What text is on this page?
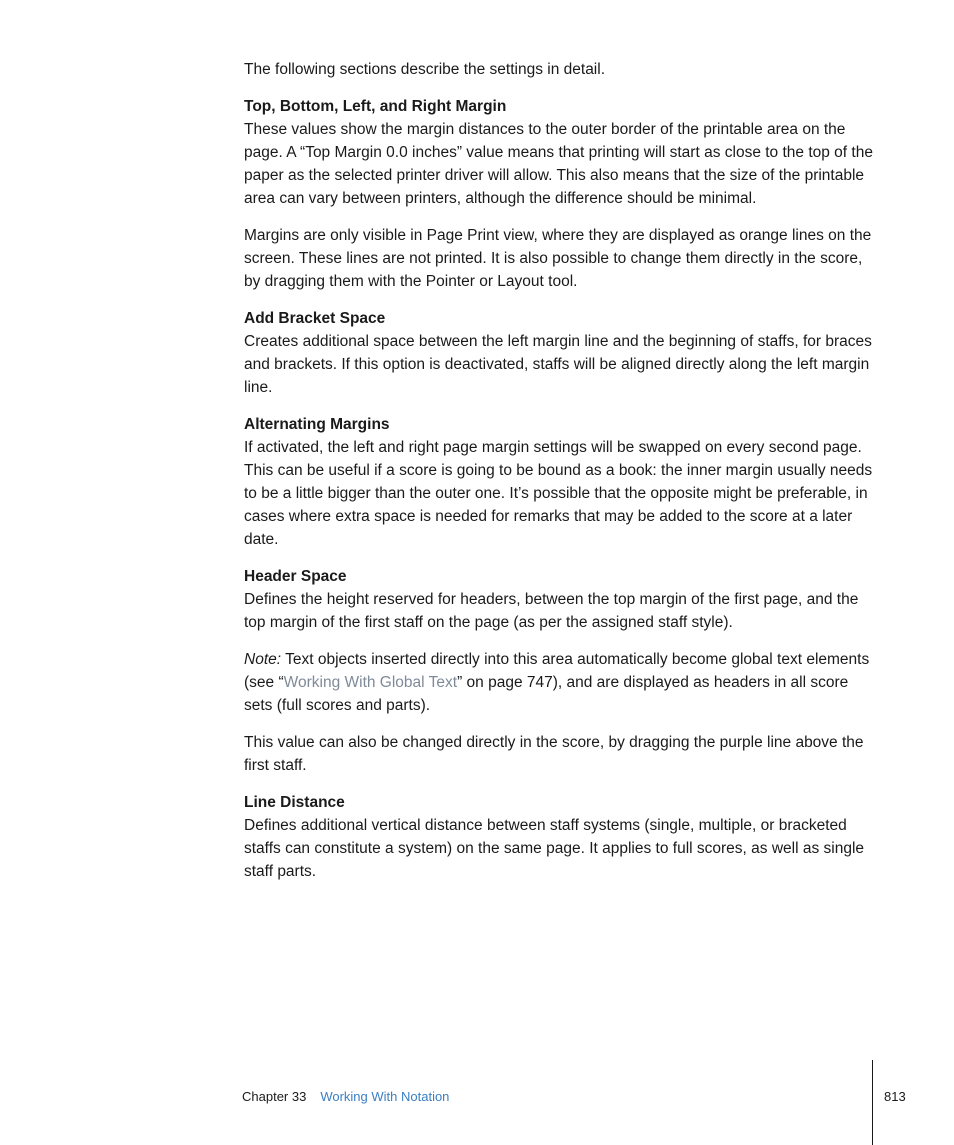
The following sections describe the settings in detail.

Top, Bottom, Left, and Right Margin

These values show the margin distances to the outer border of the printable area on the page. A “Top Margin 0.0 inches” value means that printing will start as close to the top of the paper as the selected printer driver will allow. This also means that the size of the printable area can vary between printers, although the difference should be minimal.

Margins are only visible in Page Print view, where they are displayed as orange lines on the screen. These lines are not printed. It is also possible to change them directly in the score, by dragging them with the Pointer or Layout tool.

Add Bracket Space

Creates additional space between the left margin line and the beginning of staffs, for braces and brackets. If this option is deactivated, staffs will be aligned directly along the left margin line.

Alternating Margins

If activated, the left and right page margin settings will be swapped on every second page. This can be useful if a score is going to be bound as a book: the inner margin usually needs to be a little bigger than the outer one. It’s possible that the opposite might be preferable, in cases where extra space is needed for remarks that may be added to the score at a later date.

Header Space

Defines the height reserved for headers, between the top margin of the first page, and the top margin of the first staff on the page (as per the assigned staff style).

Note: Text objects inserted directly into this area automatically become global text elements (see “Working With Global Text” on page 747), and are displayed as headers in all score sets (full scores and parts).

This value can also be changed directly in the score, by dragging the purple line above the first staff.

Line Distance

Defines additional vertical distance between staff systems (single, multiple, or bracketed staffs can constitute a system) on the same page. It applies to full scores, as well as single staff parts.

Chapter 33 Working With Notation	813
